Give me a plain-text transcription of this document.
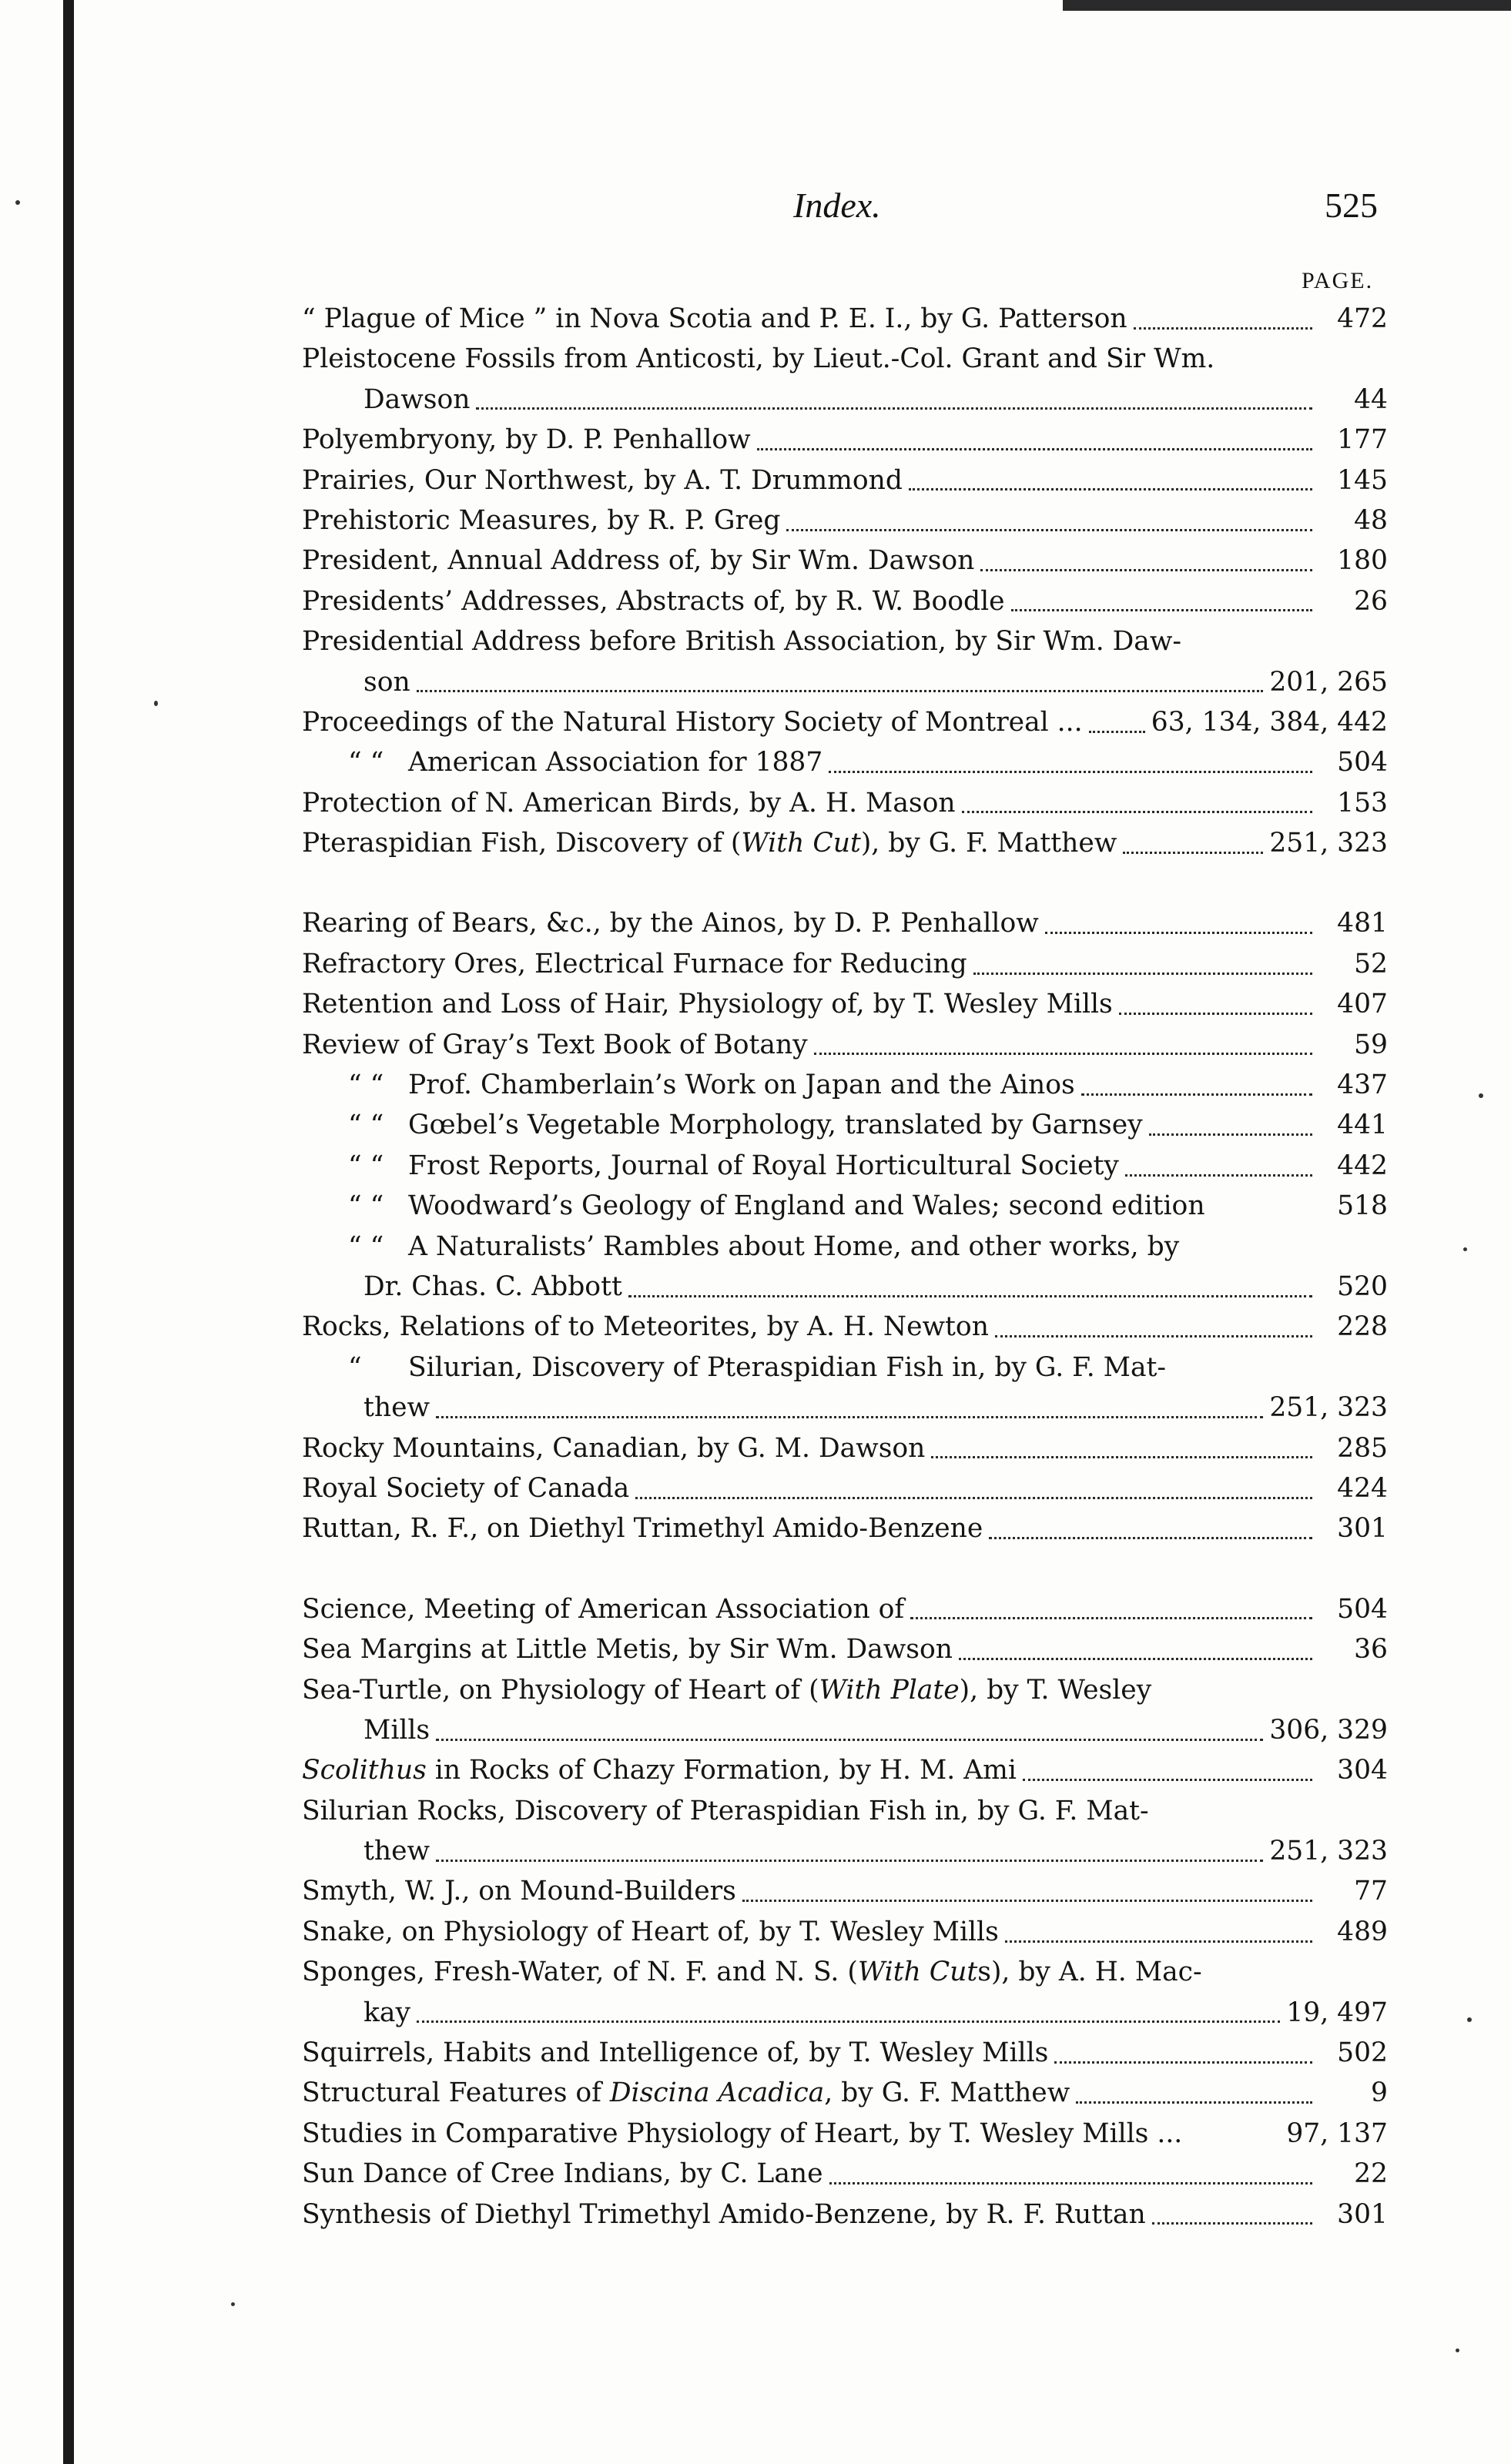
Index.	525
PAGE.
“ Plague of Mice ” in Nova Scotia and P. E. I., by G. Patterson	472
Pleistocene Fossils from Anticosti, by Lieut.-Col. Grant and Sir Wm.
Dawson	44
Polyembryony, by D. P. Penhallow	177
Prairies, Our Northwest, by A. T. Drummond	145
Prehistoric Measures, by R. P. Greg	48
President, Annual Address of, by Sir Wm. Dawson	180
Presidents’ Addresses, Abstracts of, by R. W. Boodle	26
Presidential Address before British Association, by Sir Wm. Daw-
son	201, 265
Proceedings of the Natural History Society of Montreal ...	63, 134, 384, 442
“ “ American Association for 1887	504
Protection of N. American Birds, by A. H. Mason	153
Pteraspidian Fish, Discovery of (With Cut), by G. F. Matthew	251, 323
Rearing of Bears, &c., by the Ainos, by D. P. Penhallow	481
Refractory Ores, Electrical Furnace for Reducing	52
Retention and Loss of Hair, Physiology of, by T. Wesley Mills	407
Review of Gray’s Text Book of Botany	59
“ “ Prof. Chamberlain’s Work on Japan and the Ainos	437
“ “ Gœbel’s Vegetable Morphology, translated by Garnsey	441
“ “ Frost Reports, Journal of Royal Horticultural Society	442
“ “ Woodward’s Geology of England and Wales; second edition	518
“ “ A Naturalists’ Rambles about Home, and other works, by
Dr. Chas. C. Abbott	520
Rocks, Relations of to Meteorites, by A. H. Newton	228
“	Silurian, Discovery of Pteraspidian Fish in, by G. F. Mat-
thew	251, 323
Rocky Mountains, Canadian, by G. M. Dawson	285
Royal Society of Canada	424
Ruttan, R. F., on Diethyl Trimethyl Amido-Benzene	301
Science, Meeting of American Association of	504
Sea Margins at Little Metis, by Sir Wm. Dawson	36
Sea-Turtle, on Physiology of Heart of (With Plate), by T. Wesley
Mills	306, 329
Scolithus in Rocks of Chazy Formation, by H. M. Ami	304
Silurian Rocks, Discovery of Pteraspidian Fish in, by G. F. Mat-
thew	251, 323
Smyth, W. J., on Mound-Builders	77
Snake, on Physiology of Heart of, by T. Wesley Mills	489
Sponges, Fresh-Water, of N. F. and N. S. (With Cuts), by A. H. Mac-
kay	19, 497
Squirrels, Habits and Intelligence of, by T. Wesley Mills	502
Structural Features of Discina Acadica, by G. F. Matthew	9
Studies in Comparative Physiology of Heart, by T. Wesley Mills ...	97, 137
Sun Dance of Cree Indians, by C. Lane	22
Synthesis of Diethyl Trimethyl Amido-Benzene, by R. F. Ruttan	301
